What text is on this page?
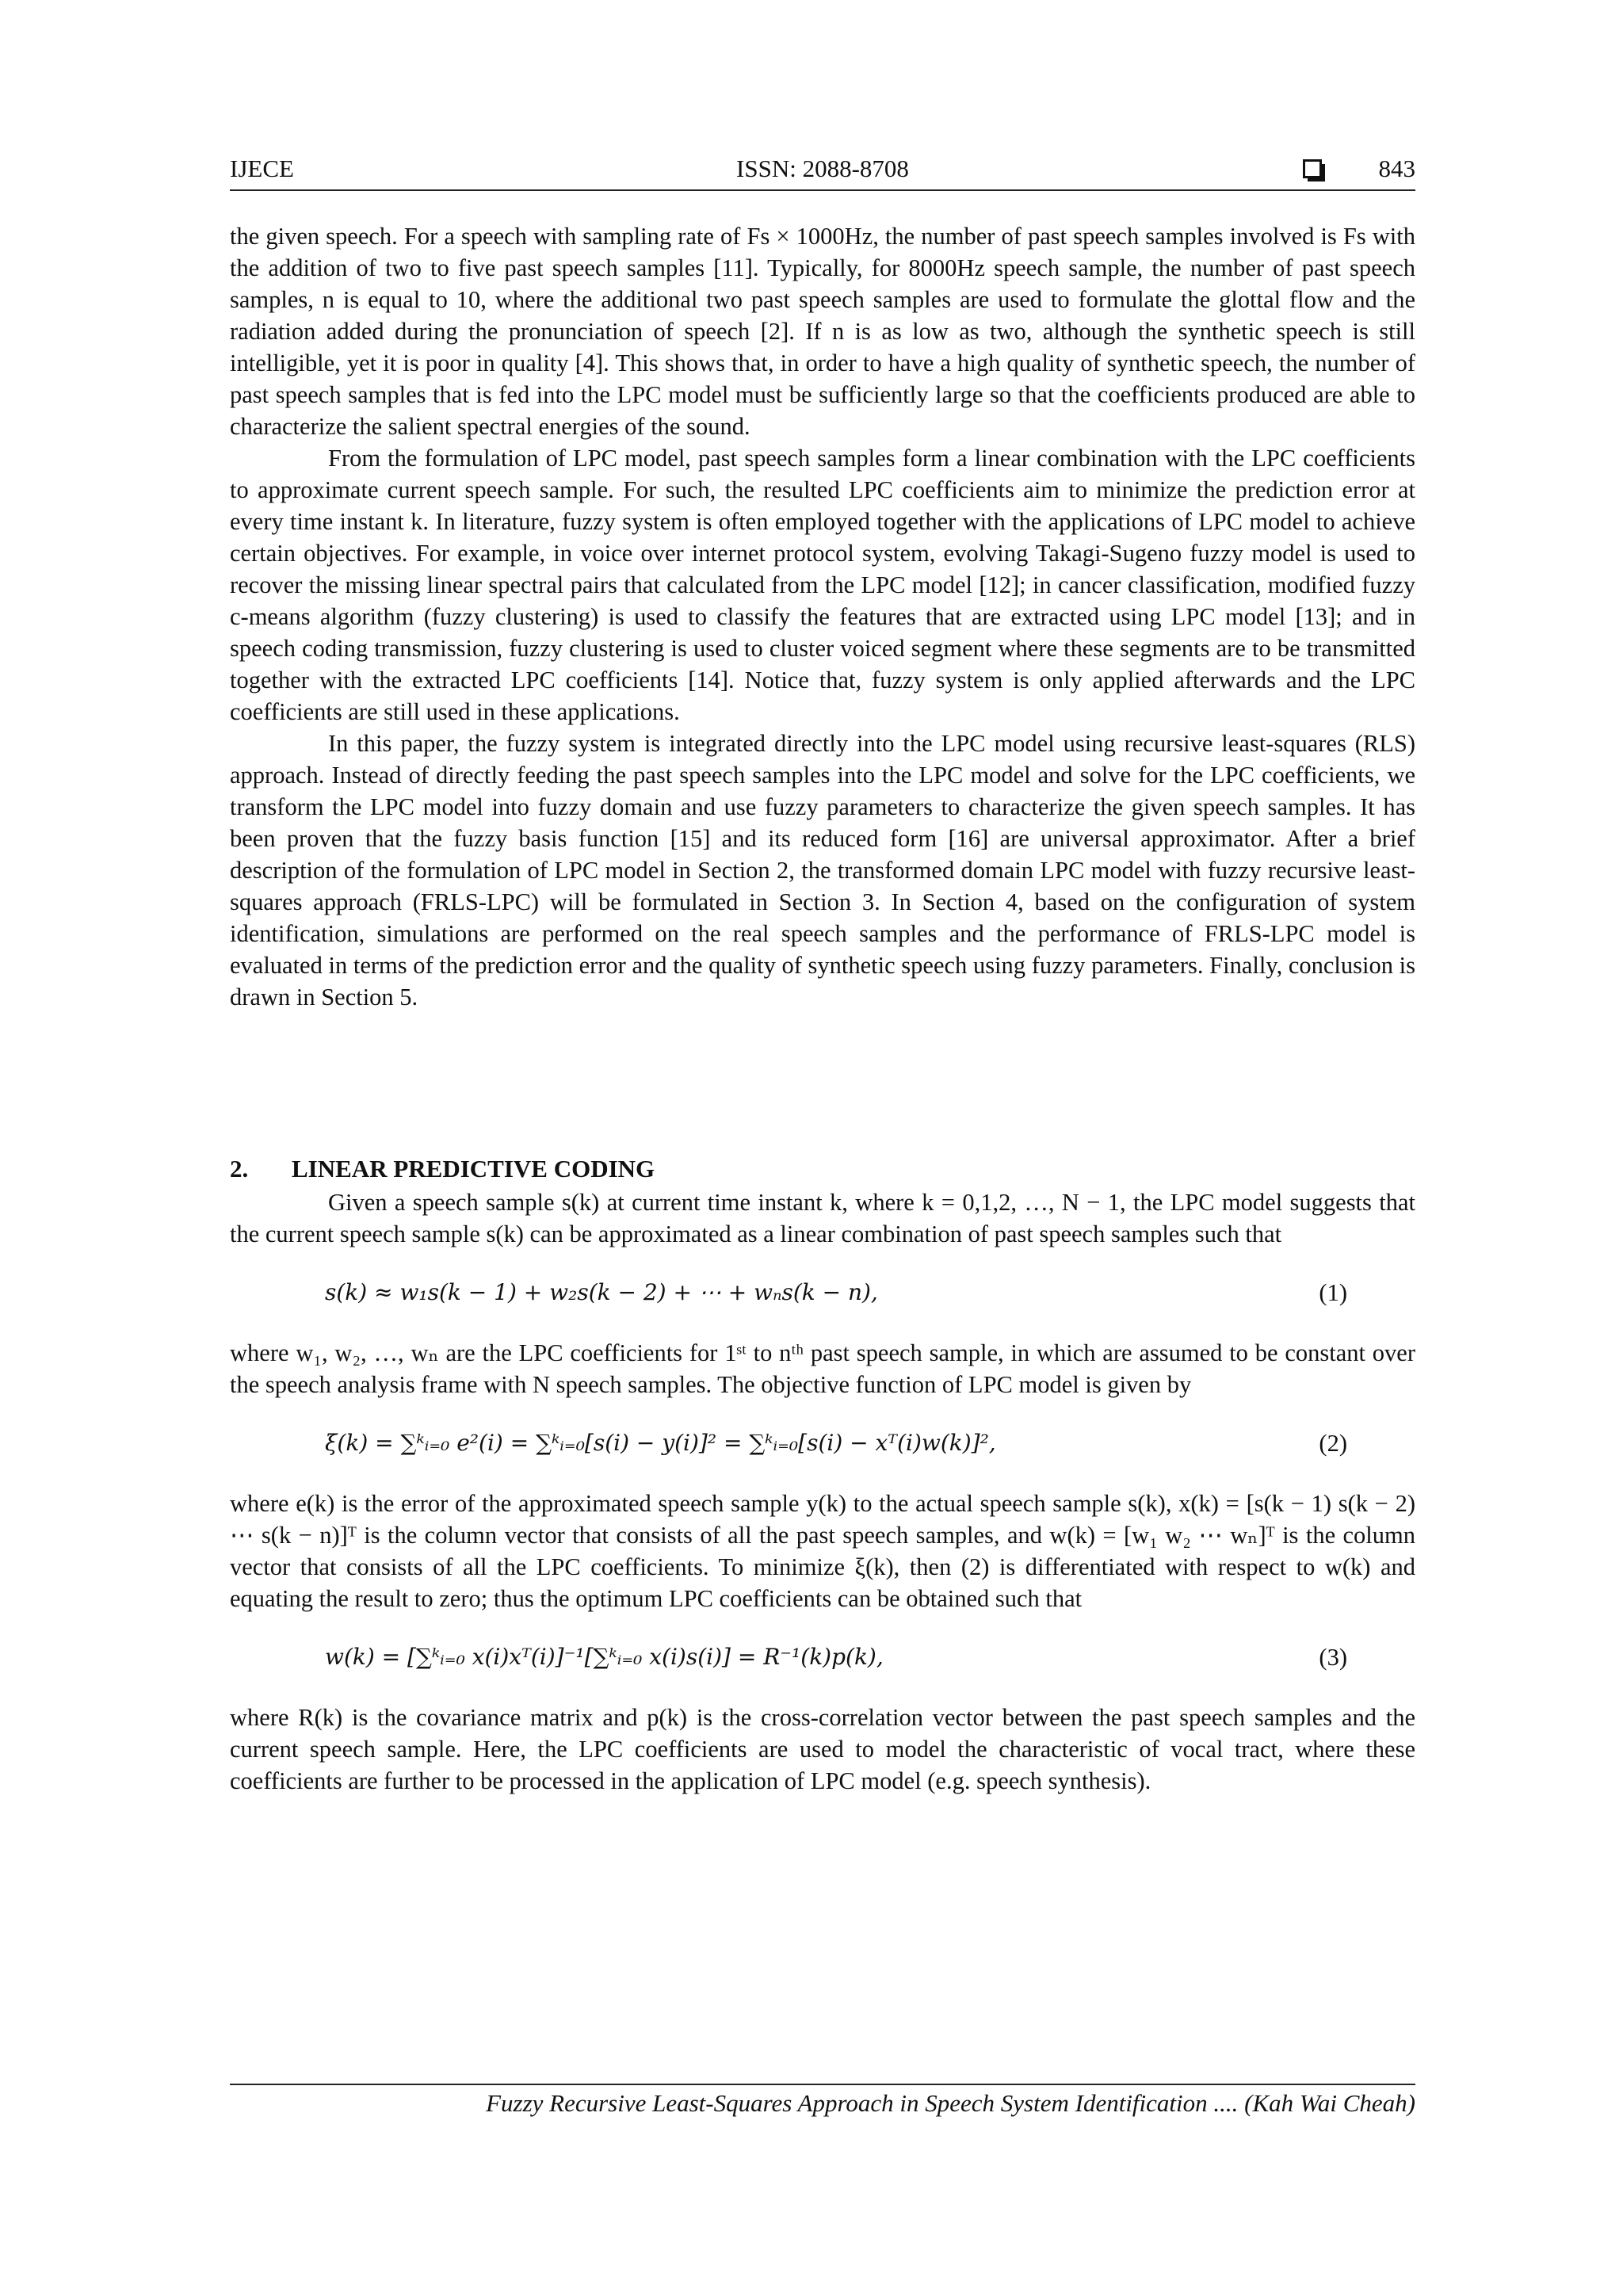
IJECE	ISSN: 2088-8708	843

the given speech. For a speech with sampling rate of Fs × 1000Hz, the number of past speech samples involved is Fs with the addition of two to five past speech samples [11]. Typically, for 8000Hz speech sample, the number of past speech samples, n is equal to 10, where the additional two past speech samples are used to formulate the glottal flow and the radiation added during the pronunciation of speech [2]. If n is as low as two, although the synthetic speech is still intelligible, yet it is poor in quality [4]. This shows that, in order to have a high quality of synthetic speech, the number of past speech samples that is fed into the LPC model must be sufficiently large so that the coefficients produced are able to characterize the salient spectral energies of the sound.

From the formulation of LPC model, past speech samples form a linear combination with the LPC coefficients to approximate current speech sample. For such, the resulted LPC coefficients aim to minimize the prediction error at every time instant k. In literature, fuzzy system is often employed together with the applications of LPC model to achieve certain objectives. For example, in voice over internet protocol system, evolving Takagi-Sugeno fuzzy model is used to recover the missing linear spectral pairs that calculated from the LPC model [12]; in cancer classification, modified fuzzy c-means algorithm (fuzzy clustering) is used to classify the features that are extracted using LPC model [13]; and in speech coding transmission, fuzzy clustering is used to cluster voiced segment where these segments are to be transmitted together with the extracted LPC coefficients [14]. Notice that, fuzzy system is only applied afterwards and the LPC coefficients are still used in these applications.

In this paper, the fuzzy system is integrated directly into the LPC model using recursive least-squares (RLS) approach. Instead of directly feeding the past speech samples into the LPC model and solve for the LPC coefficients, we transform the LPC model into fuzzy domain and use fuzzy parameters to characterize the given speech samples. It has been proven that the fuzzy basis function [15] and its reduced form [16] are universal approximator. After a brief description of the formulation of LPC model in Section 2, the transformed domain LPC model with fuzzy recursive least-squares approach (FRLS-LPC) will be formulated in Section 3. In Section 4, based on the configuration of system identification, simulations are performed on the real speech samples and the performance of FRLS-LPC model is evaluated in terms of the prediction error and the quality of synthetic speech using fuzzy parameters. Finally, conclusion is drawn in Section 5.

2. LINEAR PREDICTIVE CODING

Given a speech sample s(k) at current time instant k, where k = 0,1,2, …, N − 1, the LPC model suggests that the current speech sample s(k) can be approximated as a linear combination of past speech samples such that

s(k) ≈ w₁s(k − 1) + w₂s(k − 2) + ⋯ + wₙs(k − n),	(1)

where w₁, w₂, …, wₙ are the LPC coefficients for 1ˢᵗ to nᵗʰ past speech sample, in which are assumed to be constant over the speech analysis frame with N speech samples. The objective function of LPC model is given by

ξ(k) = ∑ᵏᵢ₌₀ e²(i) = ∑ᵏᵢ₌₀[s(i) − y(i)]² = ∑ᵏᵢ₌₀[s(i) − xᵀ(i)w(k)]²,	(2)

where e(k) is the error of the approximated speech sample y(k) to the actual speech sample s(k), x(k) = [s(k − 1) s(k − 2) ⋯ s(k − n)]ᵀ is the column vector that consists of all the past speech samples, and w(k) = [w₁ w₂ ⋯ wₙ]ᵀ is the column vector that consists of all the LPC coefficients. To minimize ξ(k), then (2) is differentiated with respect to w(k) and equating the result to zero; thus the optimum LPC coefficients can be obtained such that

w(k) = [∑ᵏᵢ₌₀ x(i)xᵀ(i)]⁻¹[∑ᵏᵢ₌₀ x(i)s(i)] = R⁻¹(k)p(k),	(3)

where R(k) is the covariance matrix and p(k) is the cross-correlation vector between the past speech samples and the current speech sample. Here, the LPC coefficients are used to model the characteristic of vocal tract, where these coefficients are further to be processed in the application of LPC model (e.g. speech synthesis).

Fuzzy Recursive Least-Squares Approach in Speech System Identification .... (Kah Wai Cheah)
